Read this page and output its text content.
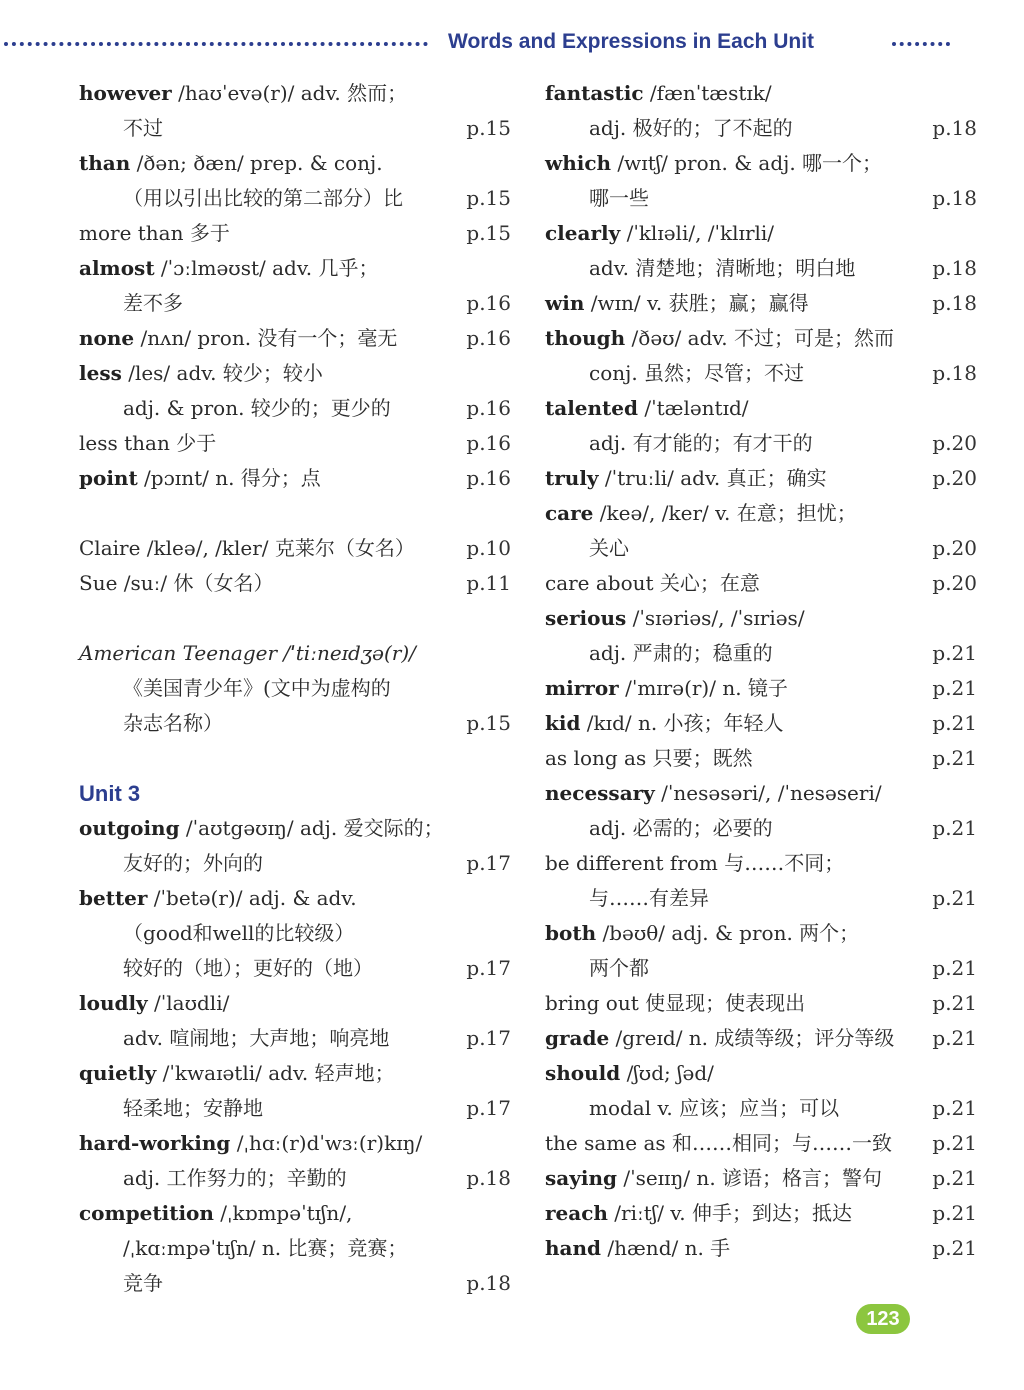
Words and Expressions in Each Unit
however /haʊˈevə(r)/ adv. 然而；
不过	p.15
than /ðən; ðæn/ prep. & conj.
（用以引出比较的第二部分）比	p.15
more than 多于	p.15
almost /ˈɔːlməʊst/ adv. 几乎；
差不多	p.16
none /nʌn/ pron. 没有一个；毫无	p.16
less /les/ adv. 较少；较小
adj. & pron. 较少的；更少的	p.16
less than 少于	p.16
point /pɔɪnt/ n. 得分；点	p.16
Claire /kleə/, /kler/ 克莱尔（女名）	p.10
Sue /suː/ 休（女名）	p.11
American Teenager /ˈtiːneɪdʒə(r)/
《美国青少年》(文中为虚构的
杂志名称）	p.15
Unit 3
outgoing /ˈaʊtgəʊɪŋ/ adj. 爱交际的；
友好的；外向的	p.17
better /ˈbetə(r)/ adj. & adv.
（good和well的比较级）
较好的（地）；更好的（地）	p.17
loudly /ˈlaʊdli/
adv. 喧闹地；大声地；响亮地	p.17
quietly /ˈkwaɪətli/ adv. 轻声地；
轻柔地；安静地	p.17
hard-working /ˌhɑː(r)dˈwɜː(r)kɪŋ/
adj. 工作努力的；辛勤的	p.18
competition /ˌkɒmpəˈtɪʃn/,
/ˌkɑːmpəˈtɪʃn/ n. 比赛；竞赛；
竞争	p.18
fantastic /fænˈtæstɪk/
adj. 极好的；了不起的	p.18
which /wɪtʃ/ pron. & adj. 哪一个；
哪一些	p.18
clearly /ˈklɪəli/, /ˈklɪrli/
adv. 清楚地；清晰地；明白地	p.18
win /wɪn/ v. 获胜；赢；赢得	p.18
though /ðəʊ/ adv. 不过；可是；然而
conj. 虽然；尽管；不过	p.18
talented /ˈtæləntɪd/
adj. 有才能的；有才干的	p.20
truly /ˈtruːli/ adv. 真正；确实	p.20
care /keə/, /ker/ v. 在意；担忧；
关心	p.20
care about 关心；在意	p.20
serious /ˈsɪəriəs/, /ˈsɪriəs/
adj. 严肃的；稳重的	p.21
mirror /ˈmɪrə(r)/ n. 镜子	p.21
kid /kɪd/ n. 小孩；年轻人	p.21
as long as 只要；既然	p.21
necessary /ˈnesəsəri/, /ˈnesəseri/
adj. 必需的；必要的	p.21
be different from 与……不同；
与……有差异	p.21
both /bəʊθ/ adj. & pron. 两个；
两个都	p.21
bring out 使显现；使表现出	p.21
grade /greɪd/ n. 成绩等级；评分等级 p.21
should /ʃʊd; ʃəd/
modal v. 应该；应当；可以	p.21
the same as 和……相同；与……一致 p.21
saying /ˈseɪɪŋ/ n. 谚语；格言；警句	p.21
reach /riːtʃ/ v. 伸手；到达；抵达	p.21
hand /hænd/ n. 手	p.21
123
